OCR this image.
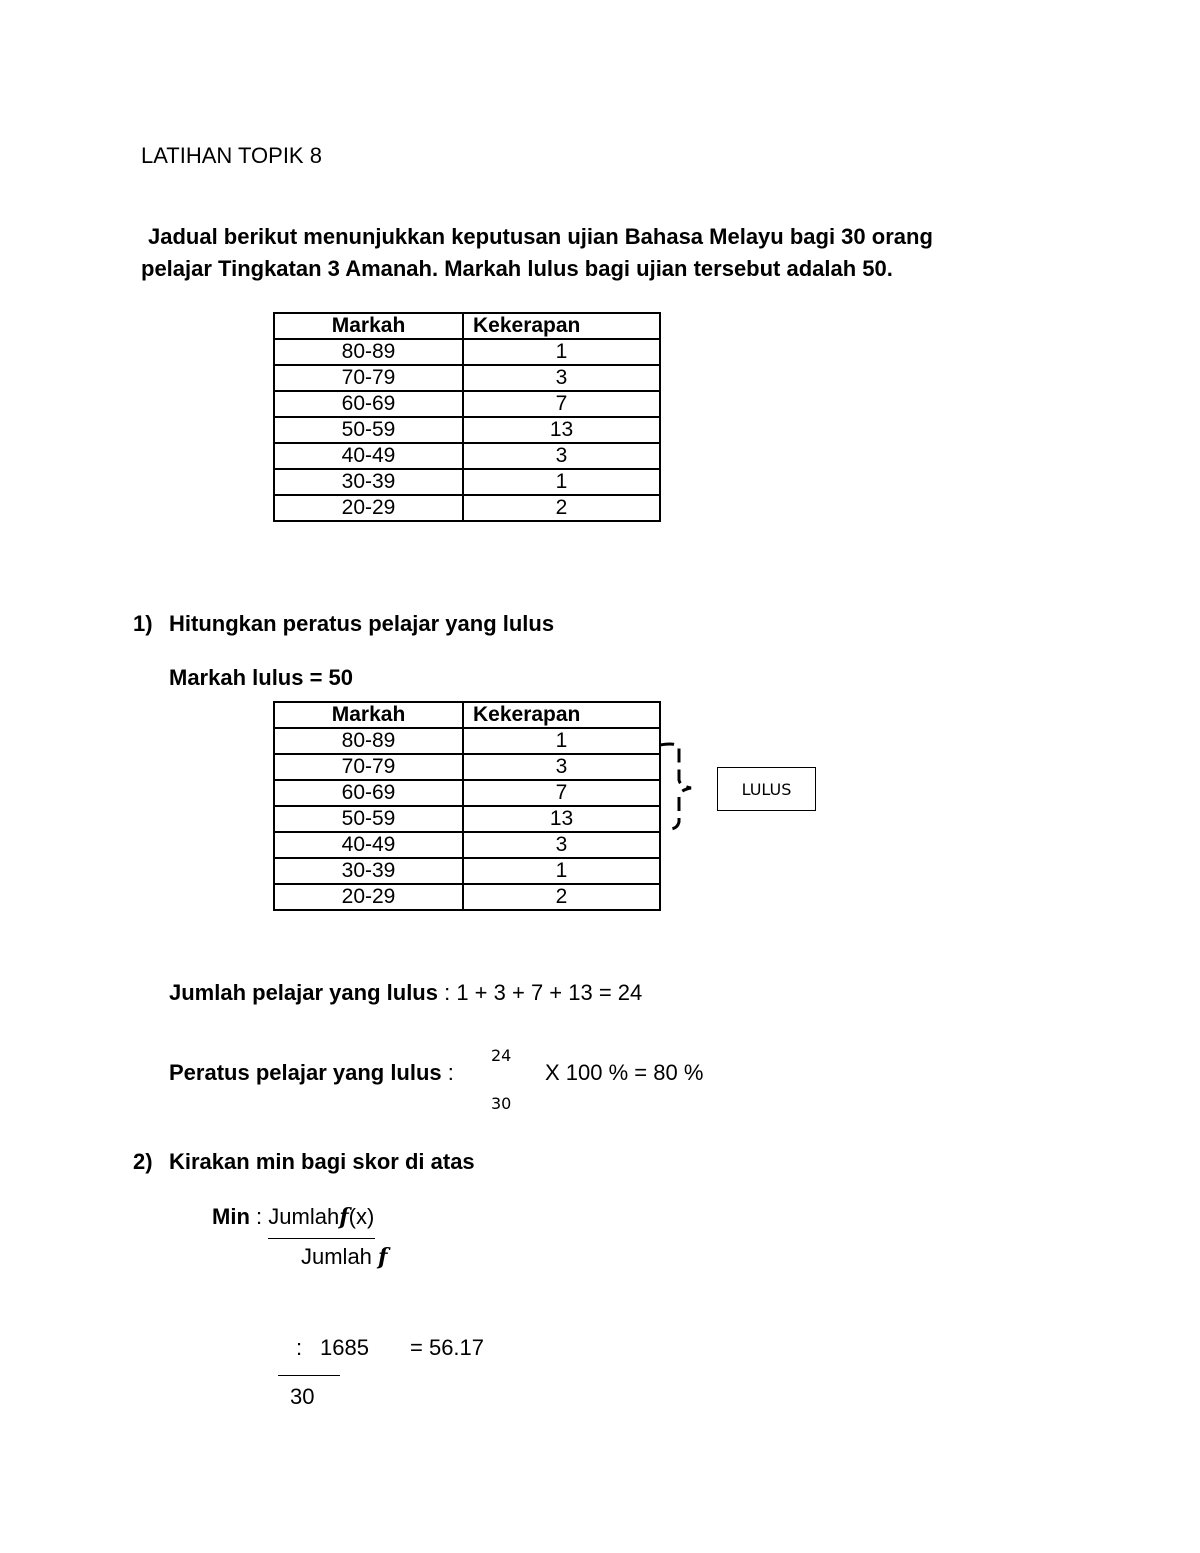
LATIHAN TOPIK 8
Jadual berikut menunjukkan keputusan ujian Bahasa Melayu bagi 30 orang
pelajar Tingkatan 3 Amanah. Markah lulus bagi ujian tersebut adalah 50.
Markah	Kekerapan
80-89	1
70-79	3
60-69	7
50-59	13
40-49	3
30-39	1
20-29	2
1) Hitungkan peratus pelajar yang lulus
Markah lulus = 50
Markah	Kekerapan
80-89	1
70-79	3
60-69	7
50-59	13
40-49	3
30-39	1
20-29	2
LULUS
Jumlah pelajar yang lulus : 1 + 3 + 7 + 13 = 24
Peratus pelajar yang lulus :
24
30
X 100 % = 80 %
2) Kirakan min bagi skor di atas
Min : Jumlahf(x)
Jumlah f
: 1685 = 56.17
30
